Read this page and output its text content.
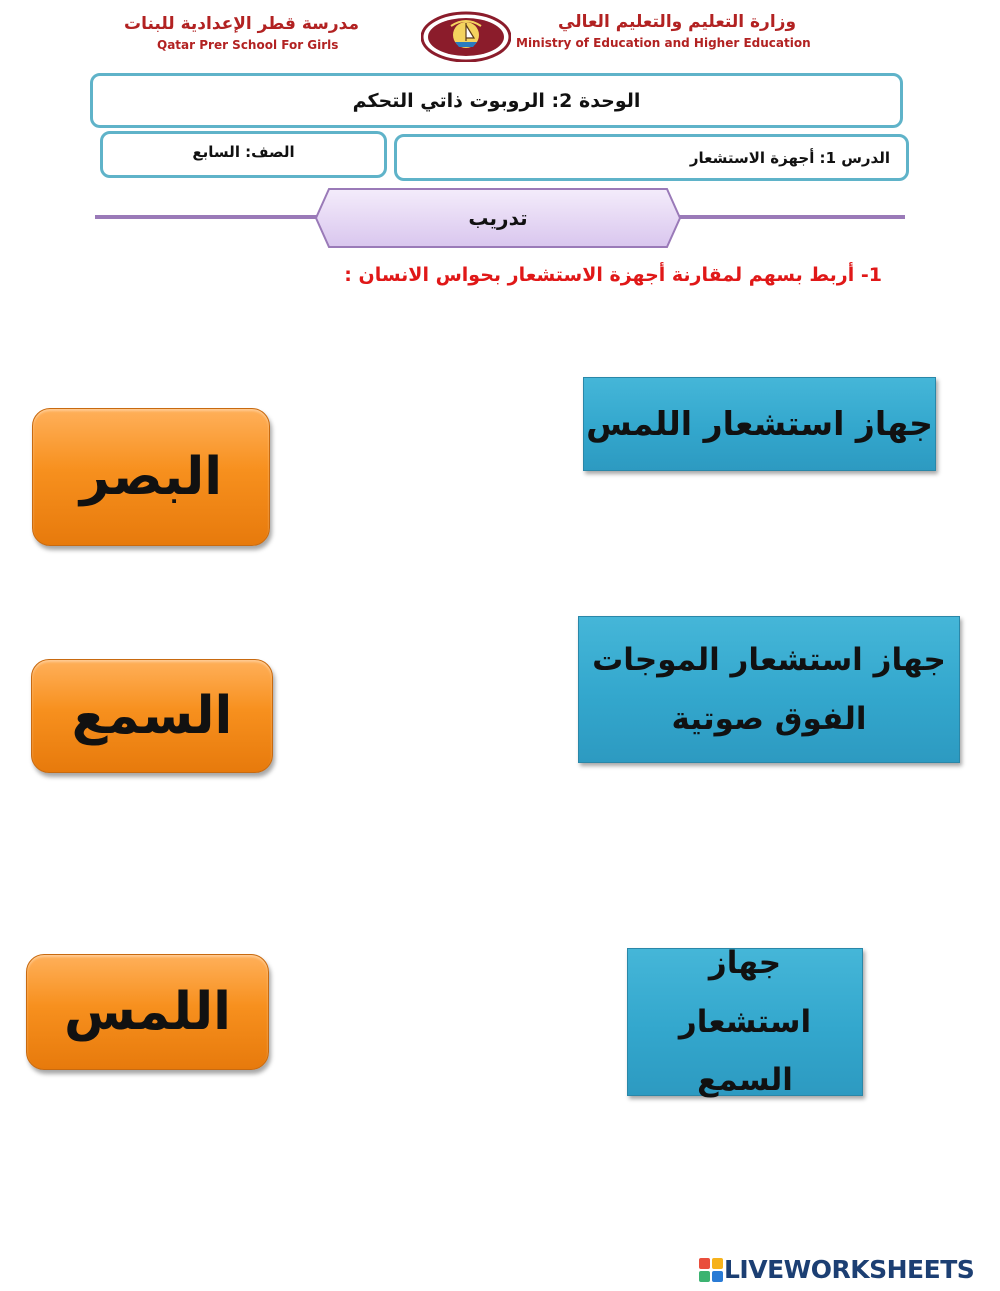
وزارة التعليم والتعليم العالي
Ministry of Education and Higher Education
مدرسة قطر الإعدادية للبنات
Qatar Prer School For Girls
الوحدة 2: الروبوت ذاتي التحكم
الدرس 1: أجهزة الاستشعار
الصف: السابع
تدريب
1- أربط بسهم لمقارنة أجهزة الاستشعار بحواس الانسان :
البصر
السمع
اللمس
جهاز استشعار اللمس
جهاز استشعار الموجات الفوق صوتية
جهاز استشعار السمع
LIVEWORKSHEETS
